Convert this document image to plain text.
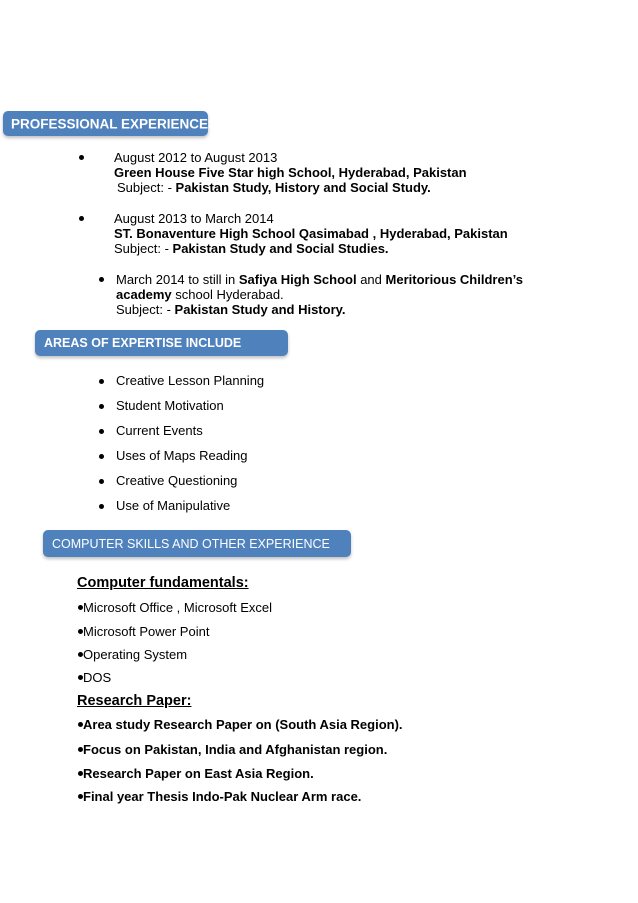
PROFESSIONAL EXPERIENCES
August 2012 to August 2013
Green House Five Star high School, Hyderabad, Pakistan
Subject: - Pakistan Study, History and Social Study.
August 2013 to March 2014
ST. Bonaventure High School Qasimabad , Hyderabad, Pakistan
Subject: - Pakistan Study and Social Studies.
March 2014 to still in Safiya High School and Meritorious Children’s
academy school Hyderabad.
Subject: - Pakistan Study and History.
AREAS OF EXPERTISE INCLUDE
Creative Lesson Planning
Student Motivation
Current Events
Uses of Maps Reading
Creative Questioning
Use of Manipulative
COMPUTER SKILLS AND OTHER EXPERIENCE
Computer fundamentals:
Microsoft Office , Microsoft Excel
Microsoft Power Point
Operating System
DOS
Research Paper:
Area study Research Paper on (South Asia Region).
Focus on Pakistan, India and Afghanistan region.
Research Paper on East Asia Region.
Final year Thesis Indo-Pak Nuclear Arm race.
